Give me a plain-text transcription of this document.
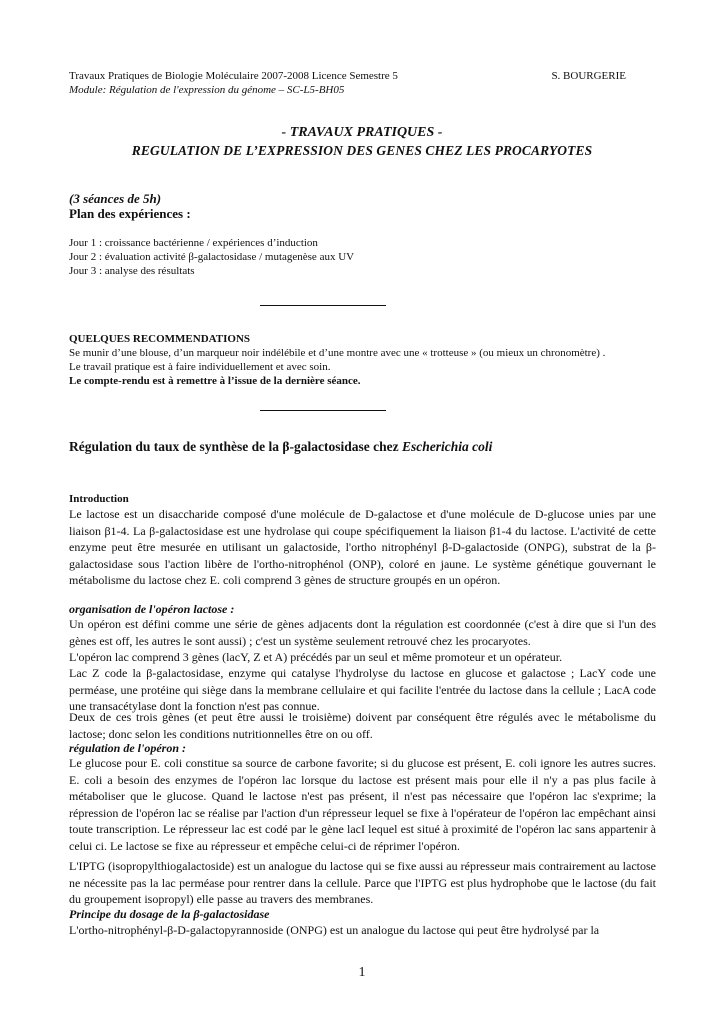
Travaux Pratiques de Biologie Moléculaire 2007-2008 Licence Semestre 5	S. BOURGERIE
Module: Régulation de l'expression du génome – SC-L5-BH05
- TRAVAUX PRATIQUES -
REGULATION DE L’EXPRESSION DES GENES CHEZ LES PROCARYOTES
(3 séances de 5h)
Plan des expériences :
Jour 1 : croissance bactérienne / expériences d’induction
Jour 2 : évaluation activité β-galactosidase / mutagenèse aux UV
Jour 3 : analyse des résultats
QUELQUES RECOMMENDATIONS
Se munir d’une blouse, d’un marqueur noir indélébile et d’une montre avec une « trotteuse » (ou mieux un chronomètre) .
Le travail pratique est à faire individuellement et avec soin.
Le compte-rendu est à remettre à l’issue de la dernière séance.
Régulation du taux de synthèse de la β-galactosidase chez Escherichia coli
Introduction
Le lactose est un disaccharide composé d'une molécule de D-galactose et d'une molécule de D-glucose unies par une liaison β1-4. La β-galactosidase est une hydrolase qui coupe spécifiquement la liaison β1-4 du lactose. L'activité de cette enzyme peut être mesurée en utilisant un galactoside, l'ortho nitrophényl β-D-galactoside (ONPG), substrat de la β-galactosidase sous l'action libère de l'ortho-nitrophénol (ONP), coloré en jaune. Le système génétique gouvernant le métabolisme du lactose chez E. coli comprend 3 gènes de structure groupés en un opéron.
organisation de l'opéron lactose :
Un opéron est défini comme une série de gènes adjacents dont la régulation est coordonnée (c'est à dire que si l'un des gènes est off, les autres le sont aussi) ; c'est un système seulement retrouvé chez les procaryotes.
L'opéron lac comprend 3 gènes (lacY, Z et A) précédés par un seul et même promoteur et un opérateur.
Lac Z code la β-galactosidase, enzyme qui catalyse l'hydrolyse du lactose en glucose et galactose ; LacY code une perméase, une protéine qui siège dans la membrane cellulaire et qui facilite l'entrée du lactose dans la cellule ; LacA code une transacétylase dont la fonction n'est pas connue.
Deux de ces trois gènes (et peut être aussi le troisième) doivent par conséquent être régulés avec le métabolisme du lactose; donc selon les conditions nutritionnelles être on ou off.
régulation de l'opéron :
Le glucose pour E. coli constitue sa source de carbone favorite; si du glucose est présent, E. coli ignore les autres sucres. E. coli a besoin des enzymes de l'opéron lac lorsque du lactose est présent mais pour elle il n'y a pas plus facile à métaboliser que le glucose. Quand le lactose n'est pas présent, il n'est pas nécessaire que l'opéron lac s'exprime; la répression de l'opéron lac se réalise par l'action d'un répresseur lequel se fixe à l'opérateur de l'opéron lac empêchant ainsi toute transcription. Le répresseur lac est codé par le gène lacI lequel est situé à proximité de l'opéron lac sans appartenir à celui ci. Le lactose se fixe au répresseur et empêche celui-ci de réprimer l'opéron.
L'IPTG (isopropylthiogalactoside) est un analogue du lactose qui se fixe aussi au répresseur mais contrairement au lactose ne nécessite pas la lac perméase pour rentrer dans la cellule. Parce que l'IPTG est plus hydrophobe que le lactose (du fait du groupement isopropyl) elle passe au travers des membranes.
Principe du dosage de la β-galactosidase
L'ortho-nitrophényl-β-D-galactopyrannoside (ONPG) est un analogue du lactose qui peut être hydrolysé par la
1
